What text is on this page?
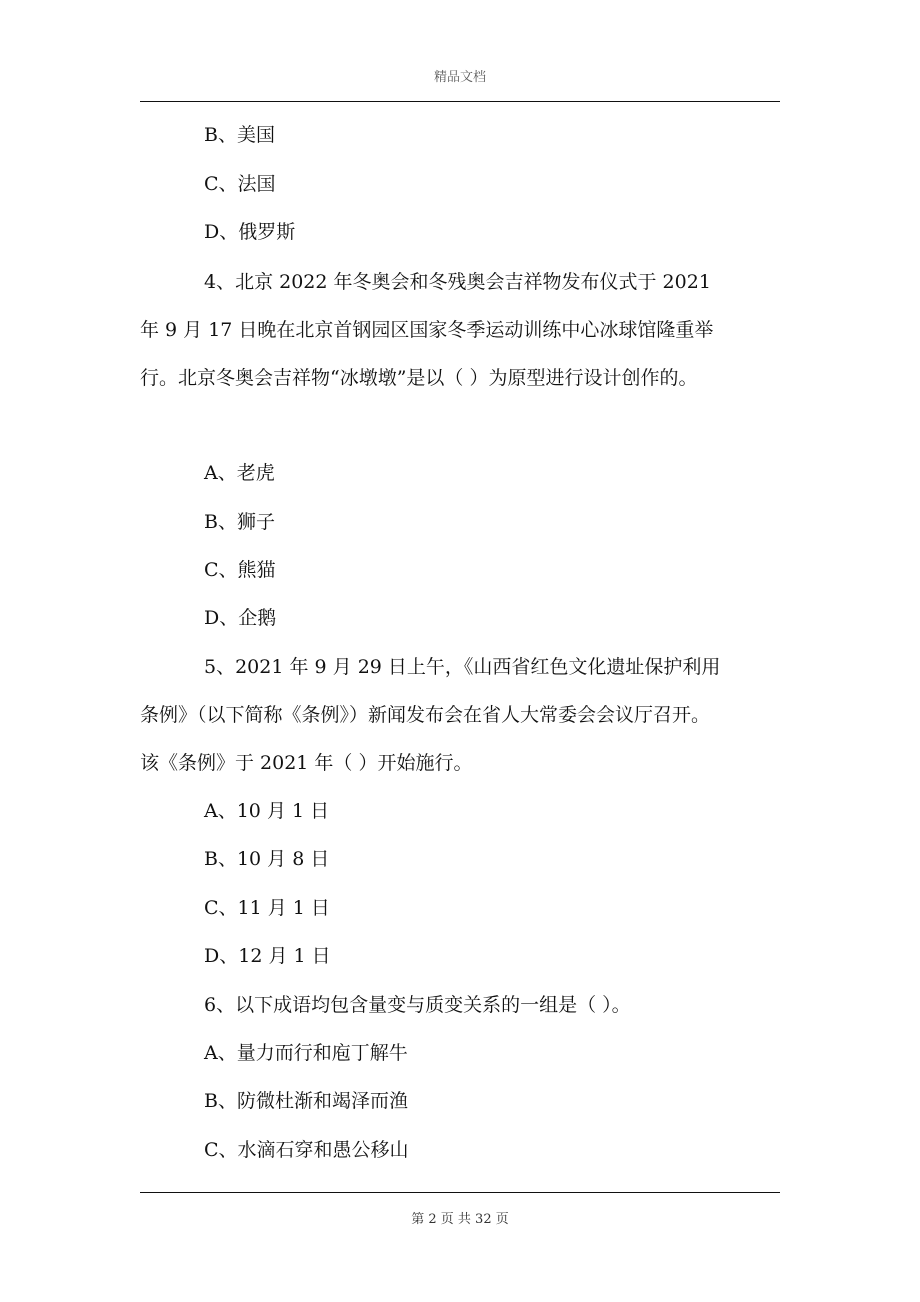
精品文档
B、美国
C、法国
D、俄罗斯
4、北京 2022 年冬奥会和冬残奥会吉祥物发布仪式于 2021
年 9 月 17 日晚在北京首钢园区国家冬季运动训练中心冰球馆隆重举
行。北京冬奥会吉祥物“冰墩墩”是以（ ）为原型进行设计创作的。
A、老虎
B、狮子
C、熊猫
D、企鹅
5、2021 年 9 月 29 日上午，《山西省红色文化遗址保护利用
条例》（以下简称《条例》）新闻发布会在省人大常委会会议厅召开。
该《条例》于 2021 年（ ）开始施行。
A、10 月 1 日
B、10 月 8 日
C、11 月 1 日
D、12 月 1 日
6、以下成语均包含量变与质变关系的一组是（ ）。
A、量力而行和庖丁解牛
B、防微杜渐和竭泽而渔
C、水滴石穿和愚公移山
第 2 页 共 32 页
